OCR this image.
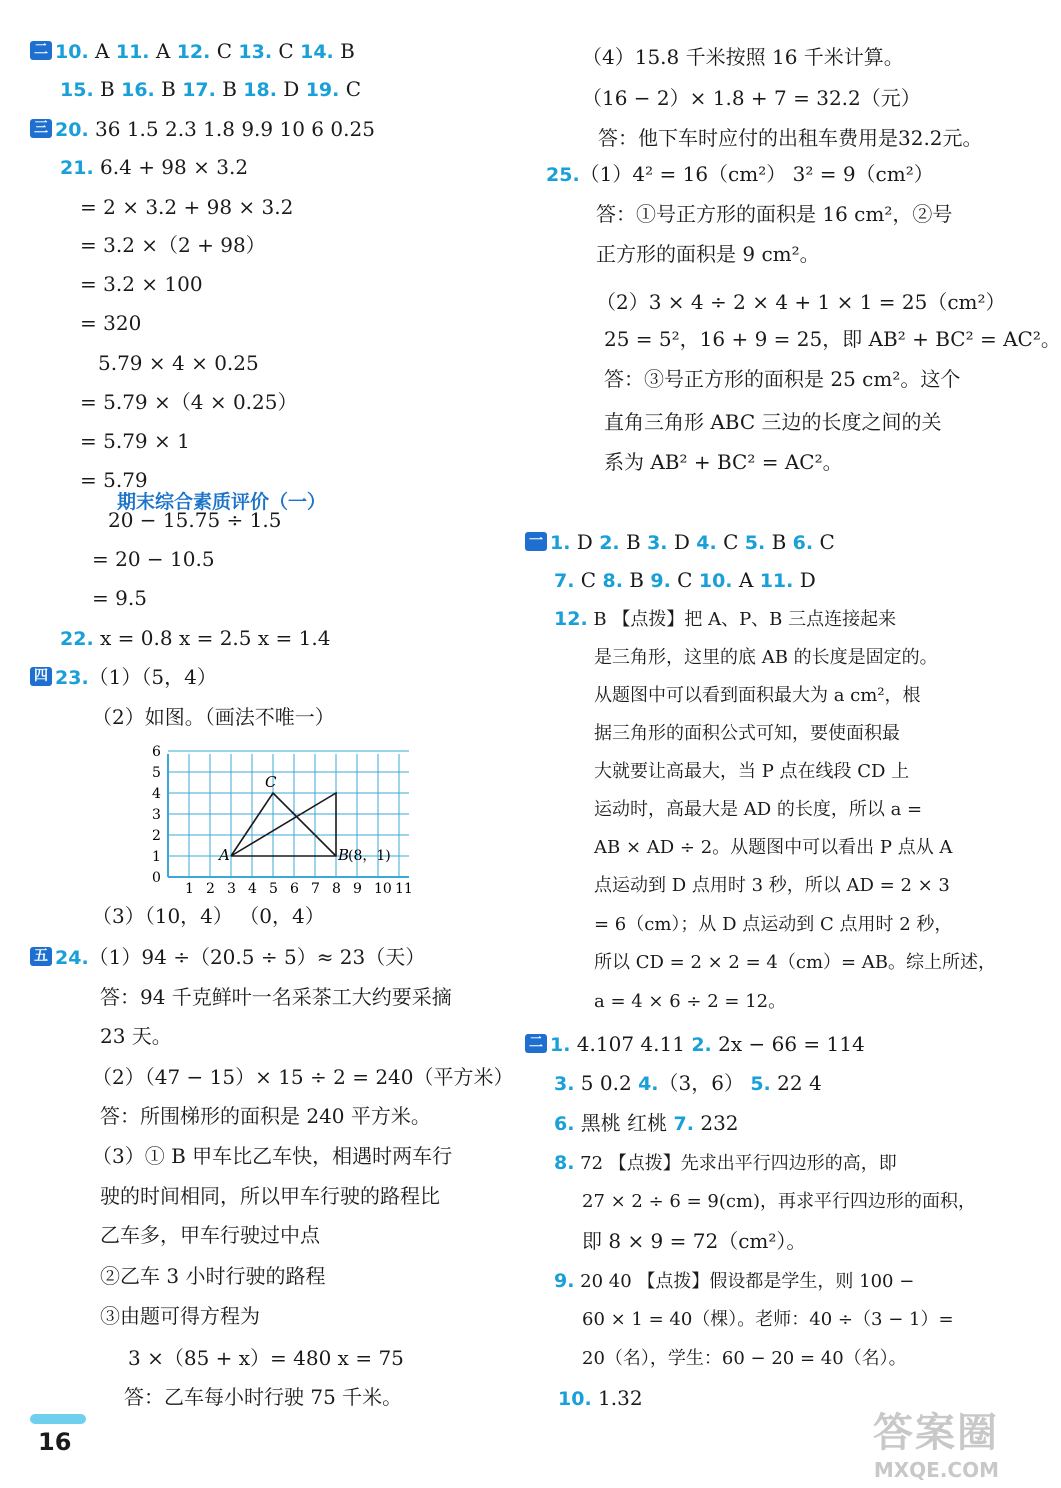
二 10. A 11. A 12. C 13. C 14. B
15. B 16. B 17. B 18. D 19. C
三 20. 36 1.5 2.3 1.8 9.9 10 6 0.25
21. 6.4 + 98 × 3.2
= 2 × 3.2 + 98 × 3.2
= 3.2 ×（2 + 98）
= 3.2 × 100
= 320
5.79 × 4 × 0.25
= 5.79 ×（4 × 0.25）
= 5.79 × 1
= 5.79
20 − 15.75 ÷ 1.5
= 20 − 10.5
= 9.5
22. x = 0.8 x = 2.5 x = 1.4
四 23.（1）（5，4）
（2）如图。（画法不唯一）
（3）（10，4） （0，4）
五 24.（1）94 ÷（20.5 ÷ 5）≈ 23（天）
答：94 千克鲜叶一名采茶工大约要采摘
23 天。
（2）（47 − 15）× 15 ÷ 2 = 240（平方米）
答：所围梯形的面积是 240 平方米。
（3）① B 甲车比乙车快，相遇时两车行
驶的时间相同，所以甲车行驶的路程比
乙车多，甲车行驶过中点
②乙车 3 小时行驶的路程
③由题可得方程为
3 ×（85 + x）= 480 x = 75
答：乙车每小时行驶 75 千米。
（4）15.8 千米按照 16 千米计算。
（16 − 2）× 1.8 + 7 = 32.2（元）
答：他下车时应付的出租车费用是32.2元。
25.（1）4² = 16（cm²） 3² = 9（cm²）
答：①号正方形的面积是 16 cm²，②号
正方形的面积是 9 cm²。
（2）3 × 4 ÷ 2 × 4 + 1 × 1 = 25（cm²）
25 = 5²，16 + 9 = 25，即 AB² + BC² = AC²。
答：③号正方形的面积是 25 cm²。这个
直角三角形 ABC 三边的长度之间的关
系为 AB² + BC² = AC²。
一 1. D 2. B 3. D 4. C 5. B 6. C
7. C 8. B 9. C 10. A 11. D
12. B 【点拨】把 A、P、B 三点连接起来
是三角形，这里的底 AB 的长度是固定的。
从题图中可以看到面积最大为 a cm²，根
据三角形的面积公式可知，要使面积最
大就要让高最大，当 P 点在线段 CD 上
运动时，高最大是 AD 的长度，所以 a =
AB × AD ÷ 2。从题图中可以看出 P 点从 A
点运动到 D 点用时 3 秒，所以 AD = 2 × 3
= 6（cm）；从 D 点运动到 C 点用时 2 秒，
所以 CD = 2 × 2 = 4（cm）= AB。综上所述，
a = 4 × 6 ÷ 2 = 12。
二 1. 4.107 4.11 2. 2x − 66 = 114
3. 5 0.2 4.（3，6） 5. 22 4
6. 黑桃 红桃 7. 232
8. 72 【点拨】先求出平行四边形的高，即
27 × 2 ÷ 6 = 9(cm)，再求平行四边形的面积，
即 8 × 9 = 72（cm²）。
9. 20 40 【点拨】假设都是学生，则 100 −
60 × 1 = 40（棵）。老师：40 ÷（3 − 1）=
20（名），学生：60 − 20 = 40（名）。
10. 1.32
期末综合素质评价（一）
1 2 3 4 5 6 7 8 9 10 11
0
1
2
3
4
5
6
A	B
C
(8，1)
16	答案圈
MXQE.COM
